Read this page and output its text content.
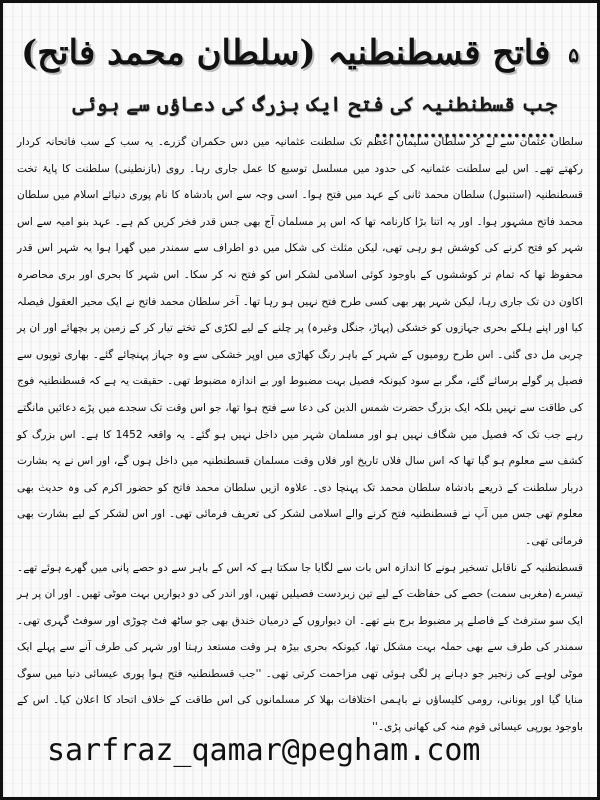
۵ فاتح قسطنطنیہ (سلطان محمد فاتح)
جب قسطنطنیہ کی فتح ایک بزرگ کی دعاؤں سے ہوئی ..........................

سلطان عثمان سے لے کر سلطان سلیمان اعظم تک سلطنت عثمانیہ میں دس حکمران گزرے۔ یہ سب کے سب فاتحانہ کردار رکھتے تھے۔ اس لیے سلطنت عثمانیہ کی حدود میں مسلسل توسیع کا عمل جاری رہا۔ روی (بازنطینی) سلطنت کا پایۂ تخت قسطنطنیہ (استنبول) سلطان محمد ثانی کے عہد میں فتح ہوا۔ اسی وجہ سے اس بادشاہ کا نام پوری دنیائے اسلام میں سلطان محمد فاتح مشہور ہوا۔ اور یہ اتنا بڑا کارنامہ تھا کہ اس پر مسلمان آج بھی جس قدر فخر کریں کم ہے۔ عہد بنو امیہ سے اس شہر کو فتح کرنے کی کوشش ہو رہی تھی، لیکن مثلث کی شکل میں دو اطراف سے سمندر میں گھرا ہوا یہ شہر اس قدر محفوظ تھا کہ تمام تر کوششوں کے باوجود کوئی اسلامی لشکر اس کو فتح نہ کر سکا۔ اس شہر کا بحری اور بری محاصرہ اکاون دن تک جاری رہا، لیکن شہر پھر بھی کسی طرح فتح نہیں ہو رہا تھا۔ آخر سلطان محمد فاتح نے ایک محیر العقول فیصلہ کیا اور اپنے ہلکے بحری جہازوں کو خشکی (پہاڑ، جنگل وغیرہ) پر چلنے کے لیے لکڑی کے تختے تیار کر کے زمین پر بچھائے اور ان پر چربی مل دی گئی۔ اس طرح رومیوں کے شہر کے باہر رنگ کھاڑی میں اوپر خشکی سے وہ جہاز پہنچائے گئے۔ بھاری توپوں سے فصیل پر گولے برسائے گئے، مگر بے سود کیونکہ فصیل بہت مضبوط اور بے اندازہ مضبوط تھی۔ حقیقت یہ ہے کہ قسطنطنیہ فوج کی طاقت سے نہیں بلکہ ایک بزرگ حضرت شمس الدین کی دعا سے فتح ہوا تھا، جو اس وقت تک سجدے میں پڑے دعائیں مانگتے رہے جب تک کہ فصیل میں شگاف نہیں ہو اور مسلمان شہر میں داخل نہیں ہو گئے۔ یہ واقعہ 1452 کا ہے۔ اس بزرگ کو کشف سے معلوم ہو گیا تھا کہ اس سال فلاں تاریخ اور فلاں وقت مسلمان قسطنطنیہ میں داخل ہوں گے، اور اس نے یہ بشارت دربار سلطنت کے ذریعے بادشاہ سلطان محمد تک پہنچا دی۔ علاوہ ازیں سلطان محمد فاتح کو حضور اکرم کی وہ حدیث بھی معلوم تھی جس میں آپ نے قسطنطنیہ فتح کرنے والے اسلامی لشکر کی تعریف فرمائی تھی۔ اور اس لشکر کے لیے بشارت بھی فرمائی تھی۔

قسطنطنیہ کے ناقابل تسخیر ہونے کا اندازہ اس بات سے لگایا جا سکتا ہے کہ اس کے باہر سے دو حصے پانی میں گھرے ہوئے تھے۔ تیسرے (مغربی سمت) حصے کی حفاظت کے لیے تین زبردست فصیلیں تھیں، اور اندر کی دو دیواریں بہت موٹی تھیں۔ اور ان پر ہر ایک سو سترفٹ کے فاصلے پر مضبوط برج بنے تھے۔ ان دیواروں کے درمیان خندق بھی جو ساٹھ فٹ چوڑی اور سوفٹ گہری تھی۔ سمندر کی طرف سے بھی حملہ بہت مشکل تھا، کیونکہ بحری بیڑہ ہر وقت مستعد رہتا اور شہر کی طرف آنے سے پہلے ایک موٹی لوہے کی زنجیر جو دہانے پر لگی ہوئی تھی مزاحمت کرتی تھی۔ ''جب قسطنطنیہ فتح ہوا پوری عیسائی دنیا میں سوگ منایا گیا اور یونانی، رومی کلیساؤں نے باہمی اختلافات بھلا کر مسلمانوں کی اس طاقت کے خلاف اتحاد کا اعلان کیا۔ اس کے باوجود یورپی عیسائی قوم منہ کی کھانی پڑی۔''

sarfraz_qamar@pegham.com
